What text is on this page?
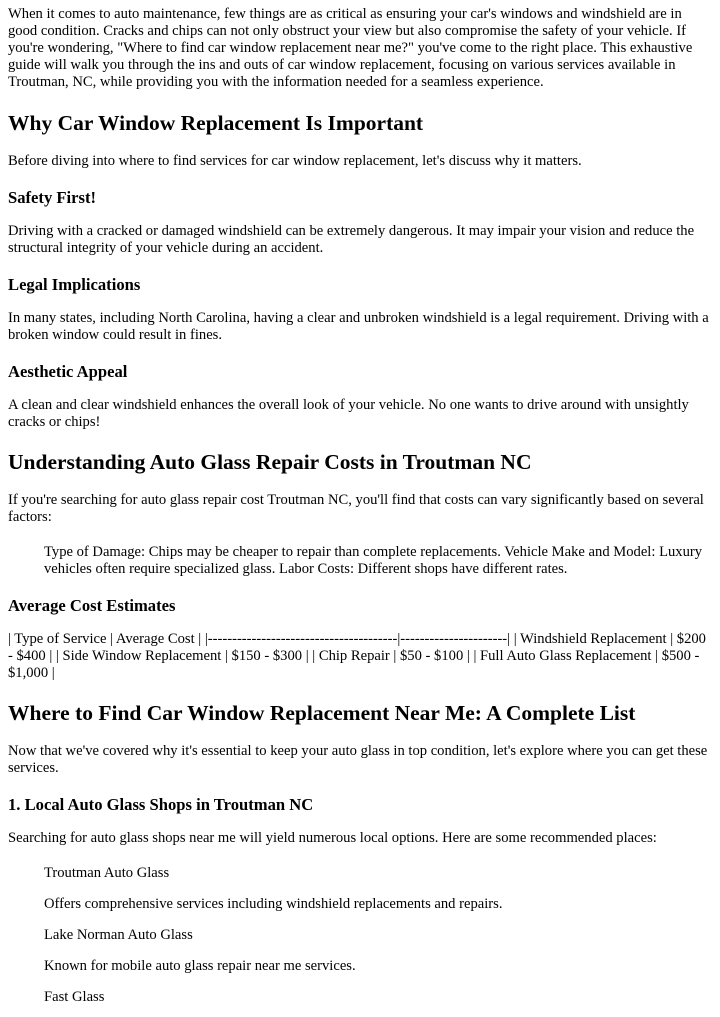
When it comes to auto maintenance, few things are as critical as ensuring your car's windows and windshield are in good condition. Cracks and chips can not only obstruct your view but also compromise the safety of your vehicle. If you're wondering, "Where to find car window replacement near me?" you've come to the right place. This exhaustive guide will walk you through the ins and outs of car window replacement, focusing on various services available in Troutman, NC, while providing you with the information needed for a seamless experience.

Why Car Window Replacement Is Important

Before diving into where to find services for car window replacement, let's discuss why it matters.

Safety First!

Driving with a cracked or damaged windshield can be extremely dangerous. It may impair your vision and reduce the structural integrity of your vehicle during an accident.

Legal Implications

In many states, including North Carolina, having a clear and unbroken windshield is a legal requirement. Driving with a broken window could result in fines.

Aesthetic Appeal

A clean and clear windshield enhances the overall look of your vehicle. No one wants to drive around with unsightly cracks or chips!

Understanding Auto Glass Repair Costs in Troutman NC

If you're searching for auto glass repair cost Troutman NC, you'll find that costs can vary significantly based on several factors:

Type of Damage: Chips may be cheaper to repair than complete replacements. Vehicle Make and Model: Luxury vehicles often require specialized glass. Labor Costs: Different shops have different rates.

Average Cost Estimates

| Type of Service | Average Cost | |---------------------------------------|----------------------| | Windshield Replacement | $200 - $400 | | Side Window Replacement | $150 - $300 | | Chip Repair | $50 - $100 | | Full Auto Glass Replacement | $500 - $1,000 |

Where to Find Car Window Replacement Near Me: A Complete List

Now that we've covered why it's essential to keep your auto glass in top condition, let's explore where you can get these services.

1. Local Auto Glass Shops in Troutman NC

Searching for auto glass shops near me will yield numerous local options. Here are some recommended places:

Troutman Auto Glass

Offers comprehensive services including windshield replacements and repairs.

Lake Norman Auto Glass

Known for mobile auto glass repair near me services.

Fast Glass
